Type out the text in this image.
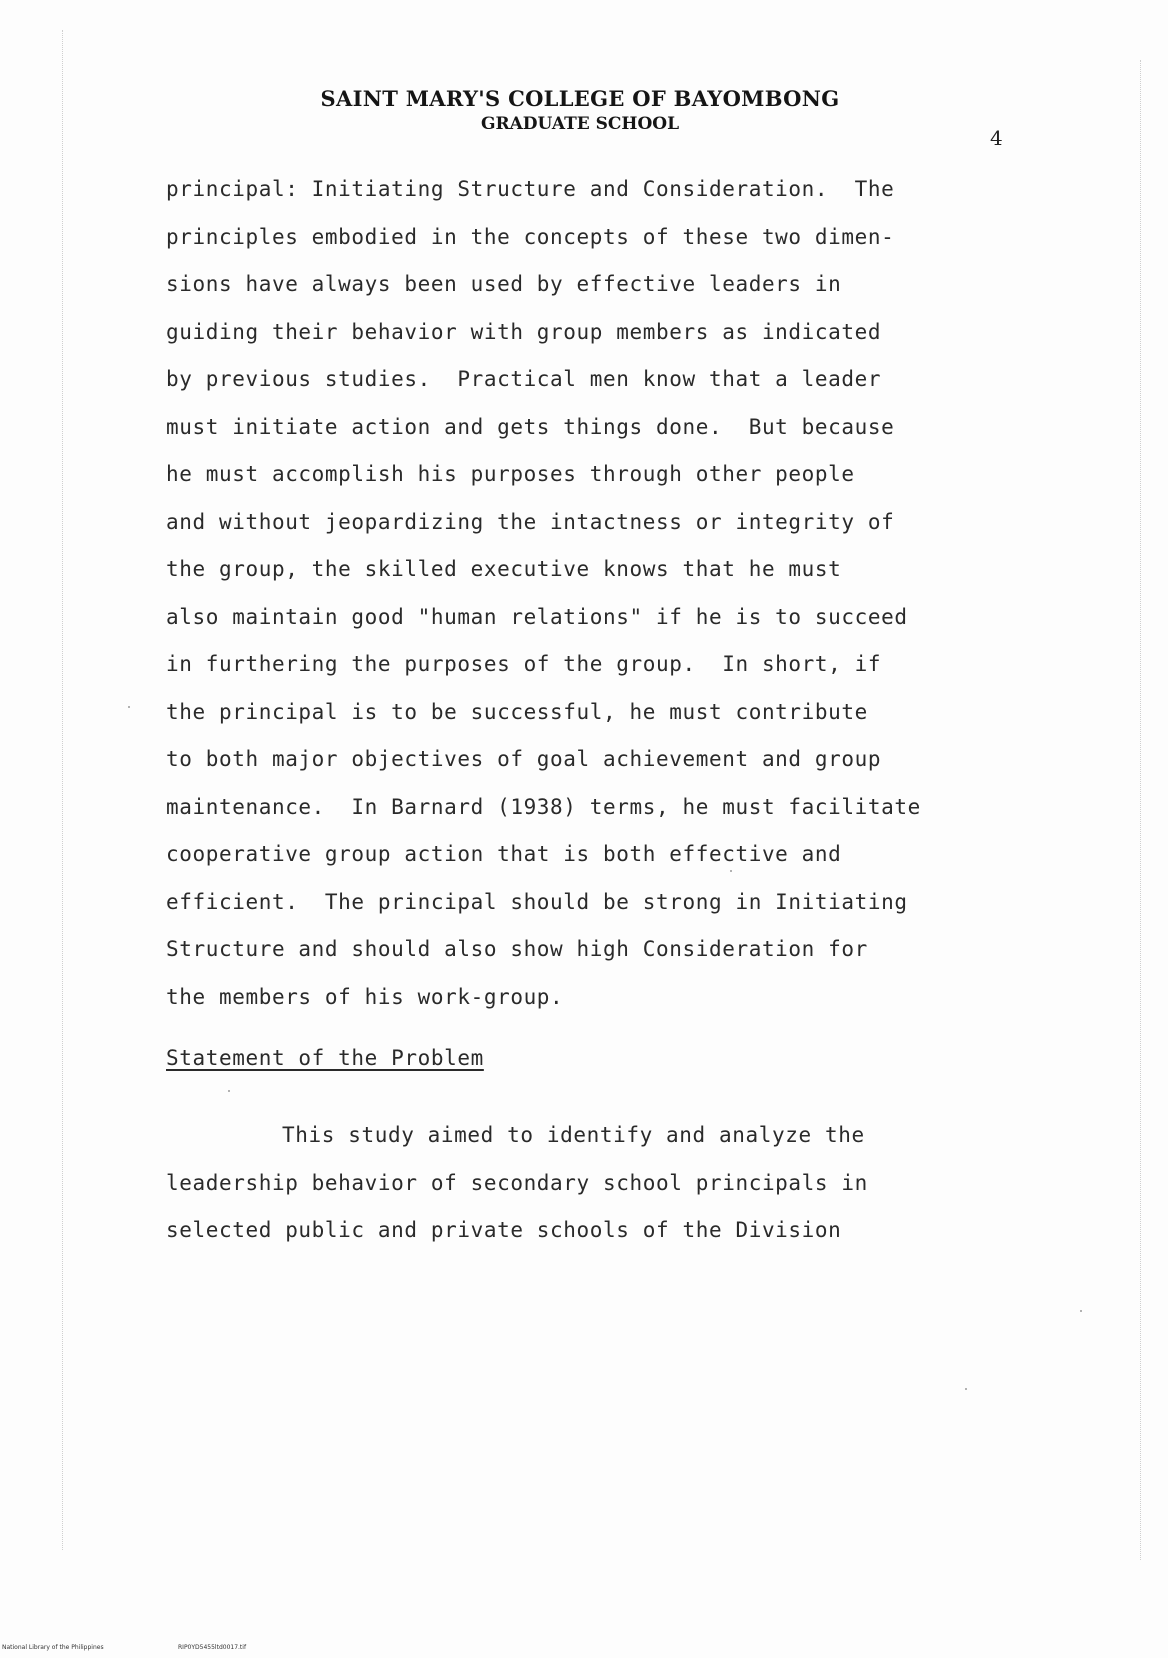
SAINT MARY'S COLLEGE OF BAYOMBONG
GRADUATE SCHOOL
4
principal: Initiating Structure and Consideration.  The
principles embodied in the concepts of these two dimen-
sions have always been used by effective leaders in
guiding their behavior with group members as indicated
by previous studies.  Practical men know that a leader
must initiate action and gets things done.  But because
he must accomplish his purposes through other people
and without jeopardizing the intactness or integrity of
the group, the skilled executive knows that he must
also maintain good "human relations" if he is to succeed
in furthering the purposes of the group.  In short, if
the principal is to be successful, he must contribute
to both major objectives of goal achievement and group
maintenance.  In Barnard (1938) terms, he must facilitate
cooperative group action that is both effective and
efficient.  The principal should be strong in Initiating
Structure and should also show high Consideration for
the members of his work-group.
Statement of the Problem
This study aimed to identify and analyze the
leadership behavior of secondary school principals in
selected public and private schools of the Division
National Library of the Philippines	RIP0YD5455ltd0017.tif
